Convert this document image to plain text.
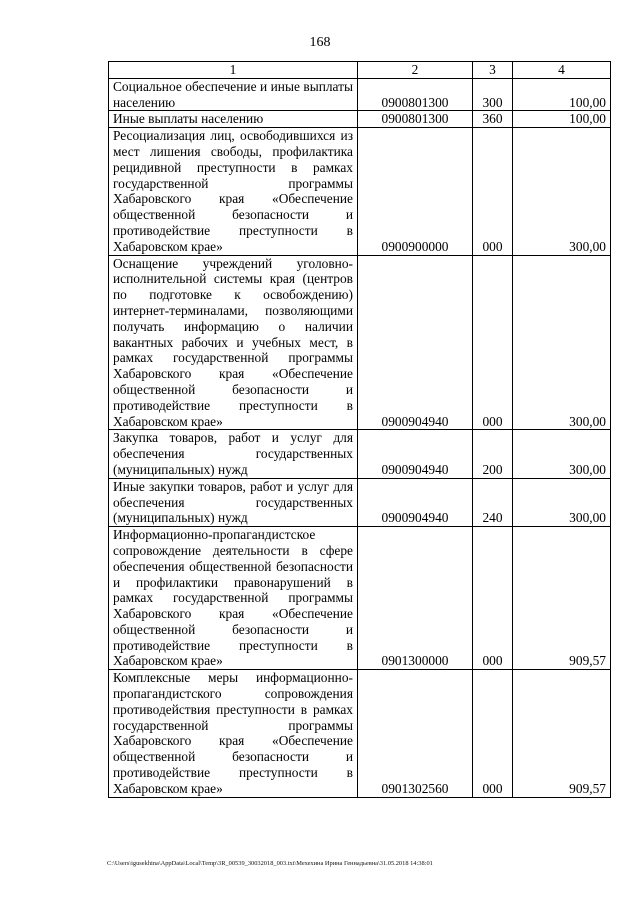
168
1	2	3	4
Социальное обеспечение и иные выплаты населению	0900801300	300	100,00
Иные выплаты населению	0900801300	360	100,00
Ресоциализация лиц, освободившихся из мест лишения свободы, профилактика рецидивной преступности в рамках государственной программы Хабаровского края «Обеспечение общественной безопасности и противодействие преступности в Хабаровском крае»	0900900000	000	300,00
Оснащение учреждений уголовно-исполнительной системы края (центров по подготовке к освобождению) интернет-терминалами, позволяющими получать информацию о наличии вакантных рабочих и учебных мест, в рамках государственной программы Хабаровского края «Обеспечение общественной безопасности и противодействие преступности в Хабаровском крае»	0900904940	000	300,00
Закупка товаров, работ и услуг для обеспечения государственных (муниципальных) нужд	0900904940	200	300,00
Иные закупки товаров, работ и услуг для обеспечения государственных (муниципальных) нужд	0900904940	240	300,00
Информационно-пропагандистское сопровождение деятельности в сфере обеспечения общественной безопасности и профилактики правонарушений в рамках государственной программы Хабаровского края «Обеспечение общественной безопасности и противодействие преступности в Хабаровском крае»	0901300000	000	909,57
Комплексные меры информационно-пропагандистского сопровождения противодействия преступности в рамках государственной программы Хабаровского края «Обеспечение общественной безопасности и противодействие преступности в Хабаровском крае»	0901302560	000	909,57
C:\Users\igusekhina\AppData\Local\Temp\3R_00539_30032018_003.txt\Мехехина Ирина Геннадьевна\31.05.2018 14:38:01
